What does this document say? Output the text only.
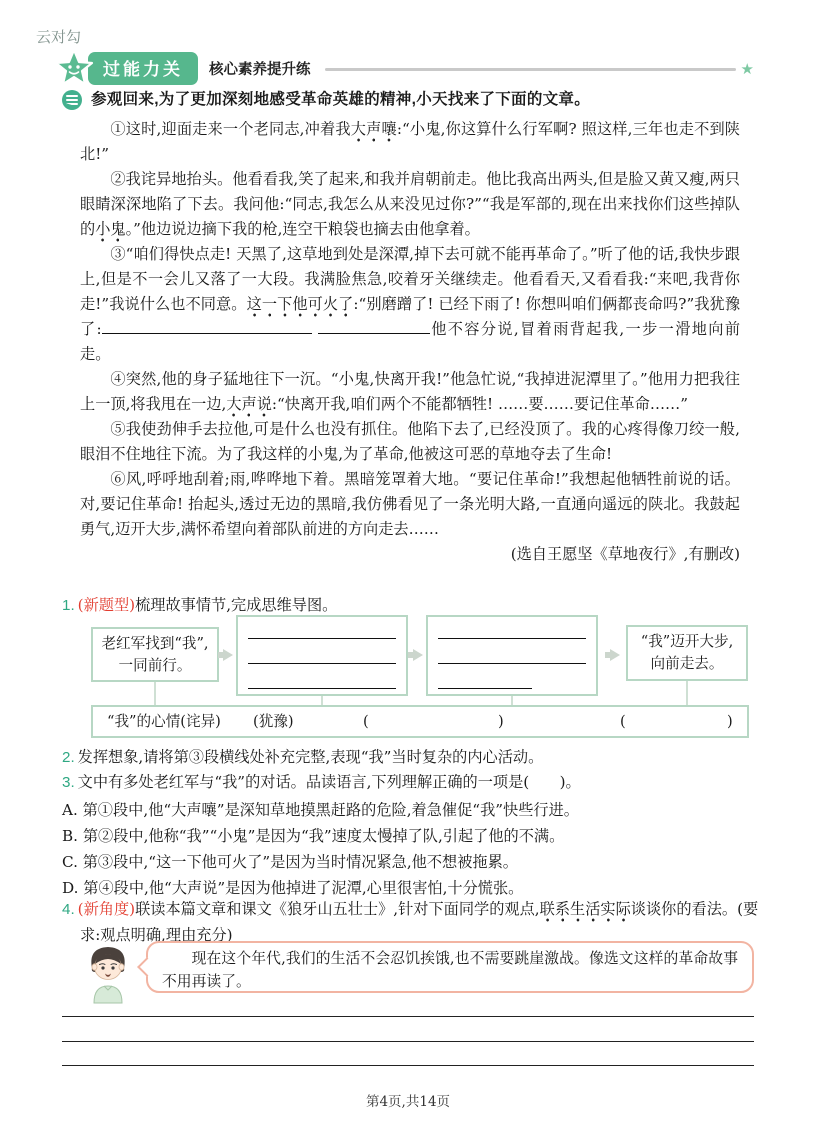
云对勾
过能力关	核心素养提升练	★
参观回来,为了更加深刻地感受革命英雄的精神,小天找来了下面的文章。

①这时,迎面走来一个老同志,冲着我大声嚷:“小鬼,你这算什么行军啊? 照这样,三年也走不到陕北!”

②我诧异地抬头。他看看我,笑了起来,和我并肩朝前走。他比我高出两头,但是脸又黄又瘦,两只眼睛深深地陷了下去。我问他:“同志,我怎么从来没见过你?”“我是军部的,现在出来找你们这些掉队的小鬼。”他边说边摘下我的枪,连空干粮袋也摘去由他拿着。

③“咱们得快点走! 天黑了,这草地到处是深潭,掉下去可就不能再革命了。”听了他的话,我快步跟上,但是不一会儿又落了一大段。我满脸焦急,咬着牙关继续走。他看看天,又看看我:“来吧,我背你走!”我说什么也不同意。这一下他可火了:“别磨蹭了! 已经下雨了! 你想叫咱们俩都丧命吗?”我犹豫了:	他不容分说,冒着雨背起我,一步一滑地向前走。

④突然,他的身子猛地往下一沉。“小鬼,快离开我!”他急忙说,“我掉进泥潭里了。”他用力把我往上一顶,将我甩在一边,大声说:“快离开我,咱们两个不能都牺牲! ……要……要记住革命……”

⑤我使劲伸手去拉他,可是什么也没有抓住。他陷下去了,已经没顶了。我的心疼得像刀绞一般,眼泪不住地往下流。为了我这样的小鬼,为了革命,他被这可恶的草地夺去了生命!

⑥风,呼呼地刮着;雨,哗哗地下着。黑暗笼罩着大地。“要记住革命!”我想起他牺牲前说的话。对,要记住革命! 抬起头,透过无边的黑暗,我仿佛看见了一条光明大路,一直通向遥远的陕北。我鼓起勇气,迈开大步,满怀希望向着部队前进的方向走去……

(选自王愿坚《草地夜行》,有删改)

1. (新题型)梳理故事情节,完成思维导图。
老红军找到“我”,
一同前行。
“我”迈开大步,
向前走去。
“我”的心情(诧异) (犹豫)	(	)	(	)
2. 发挥想象,请将第③段横线处补充完整,表现“我”当时复杂的内心活动。
3. 文中有多处老红军与“我”的对话。品读语言,下列理解正确的一项是(　　)。
A. 第①段中,他“大声嚷”是深知草地摸黑赶路的危险,着急催促“我”快些行进。
B. 第②段中,他称“我”“小鬼”是因为“我”速度太慢掉了队,引起了他的不满。
C. 第③段中,“这一下他可火了”是因为当时情况紧急,他不想被拖累。
D. 第④段中,他“大声说”是因为他掉进了泥潭,心里很害怕,十分慌张。
4. (新角度)联读本篇文章和课文《狼牙山五壮士》,针对下面同学的观点,联系生活实际谈谈你的看法。(要求:观点明确,理由充分)
现在这个年代,我们的生活不会忍饥挨饿,也不需要跳崖激战。像选文这样的革命故事不用再读了。
第4页,共14页
